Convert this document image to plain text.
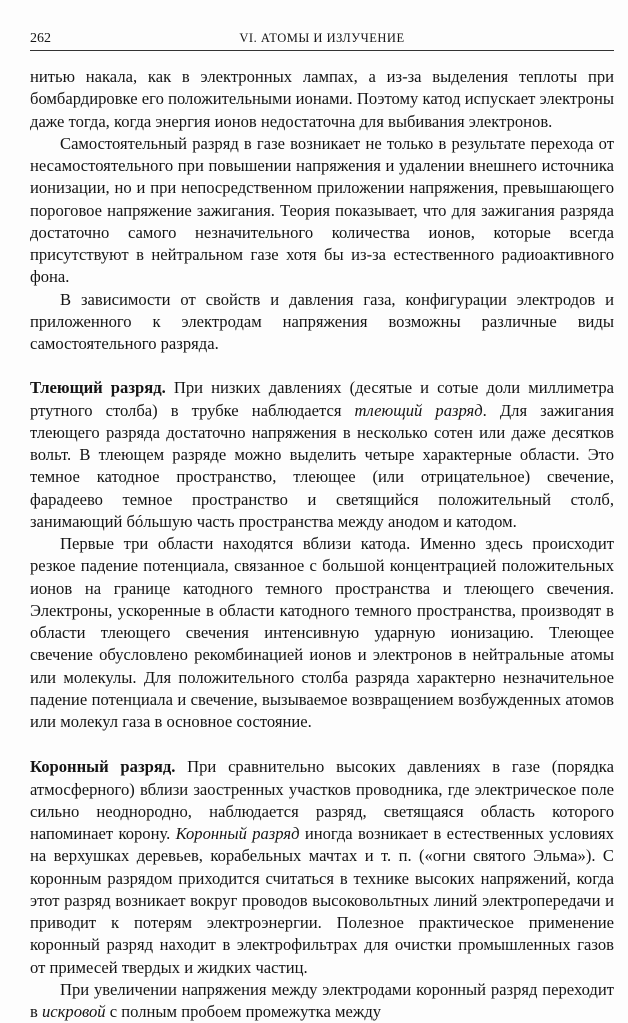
262	VI. АТОМЫ И ИЗЛУЧЕНИЕ

нитью накала, как в электронных лампах, а из-за выделения теплоты при бомбардировке его положительными ионами. Поэтому катод испускает электроны даже тогда, когда энергия ионов недостаточна для выбивания электронов.

Самостоятельный разряд в газе возникает не только в результате перехода от несамостоятельного при повышении напряжения и удалении внешнего источника ионизации, но и при непосредственном приложении напряжения, превышающего пороговое напряжение зажигания. Теория показывает, что для зажигания разряда достаточно самого незначительного количества ионов, которые всегда присутствуют в нейтральном газе хотя бы из-за естественного радиоактивного фона.

В зависимости от свойств и давления газа, конфигурации электродов и приложенного к электродам напряжения возможны различные виды самостоятельного разряда.

Тлеющий разряд. При низких давлениях (десятые и сотые доли миллиметра ртутного столба) в трубке наблюдается тлеющий разряд. Для зажигания тлеющего разряда достаточно напряжения в несколько сотен или даже десятков вольт. В тлеющем разряде можно выделить четыре характерные области. Это темное катодное пространство, тлеющее (или отрицательное) свечение, фарадеево темное пространство и светящийся положительный столб, занимающий бóльшую часть пространства между анодом и катодом.

Первые три области находятся вблизи катода. Именно здесь происходит резкое падение потенциала, связанное с большой концентрацией положительных ионов на границе катодного темного пространства и тлеющего свечения. Электроны, ускоренные в области катодного темного пространства, производят в области тлеющего свечения интенсивную ударную ионизацию. Тлеющее свечение обусловлено рекомбинацией ионов и электронов в нейтральные атомы или молекулы. Для положительного столба разряда характерно незначительное падение потенциала и свечение, вызываемое возвращением возбужденных атомов или молекул газа в основное состояние.

Коронный разряд. При сравнительно высоких давлениях в газе (порядка атмосферного) вблизи заостренных участков проводника, где электрическое поле сильно неоднородно, наблюдается разряд, светящаяся область которого напоминает корону. Коронный разряд иногда возникает в естественных условиях на верхушках деревьев, корабельных мачтах и т. п. («огни святого Эльма»). С коронным разрядом приходится считаться в технике высоких напряжений, когда этот разряд возникает вокруг проводов высоковольтных линий электропередачи и приводит к потерям электроэнергии. Полезное практическое применение коронный разряд находит в электрофильтрах для очистки промышленных газов от примесей твердых и жидких частиц.

При увеличении напряжения между электродами коронный разряд переходит в искровой с полным пробоем промежутка между
